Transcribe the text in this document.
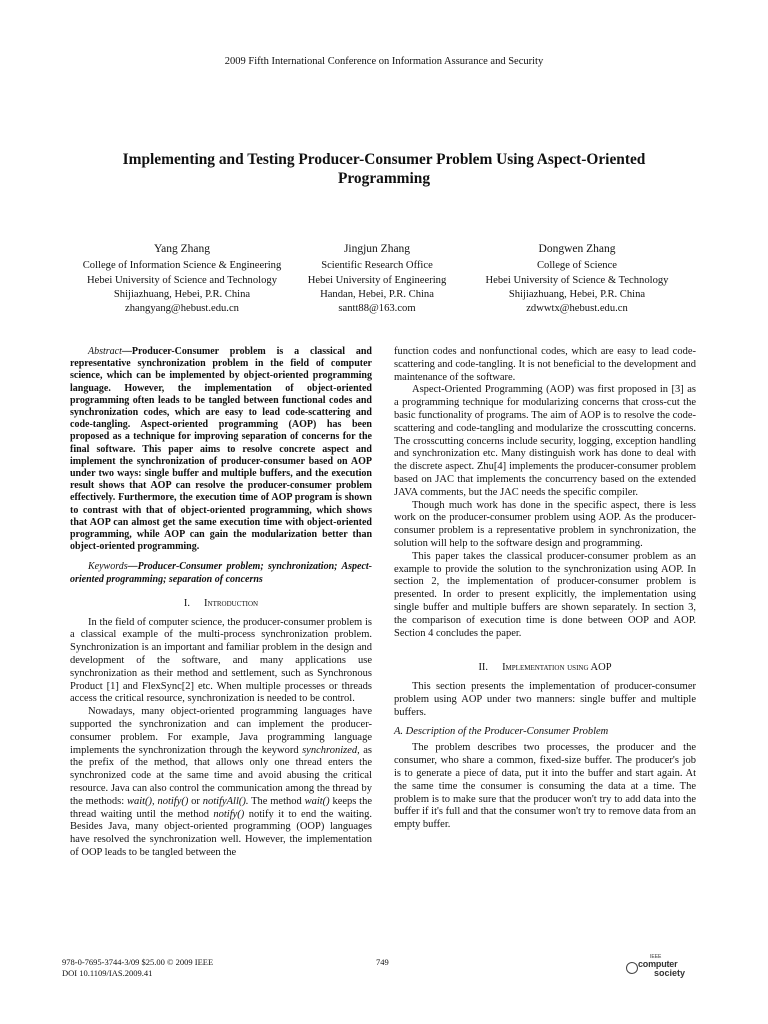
2009 Fifth International Conference on Information Assurance and Security
Implementing and Testing Producer-Consumer Problem Using Aspect-Oriented Programming
Yang Zhang
College of Information Science & Engineering
Hebei University of Science and Technology
Shijiazhuang, Hebei, P.R. China
zhangyang@hebust.edu.cn
Jingjun Zhang
Scientific Research Office
Hebei University of Engineering
Handan, Hebei, P.R. China
santt88@163.com
Dongwen Zhang
College of Science
Hebei University of Science & Technology
Shijiazhuang, Hebei, P.R. China
zdwwtx@hebust.edu.cn

Abstract—Producer-Consumer problem is a classical and representative synchronization problem in the field of computer science, which can be implemented by object-oriented programming language. However, the implementation of object-oriented programming often leads to be tangled between functional codes and synchronization codes, which are easy to lead code-scattering and code-tangling. Aspect-oriented programming (AOP) has been proposed as a technique for improving separation of concerns for the final software. This paper aims to resolve concrete aspect and implement the synchronization of producer-consumer based on AOP under two ways: single buffer and multiple buffers, and the execution result shows that AOP can resolve the producer-consumer problem effectively. Furthermore, the execution time of AOP program is shown to contrast with that of object-oriented programming, which shows that AOP can almost get the same execution time with object-oriented programming, while AOP can gain the modularization better than object-oriented programming.

Keywords—Producer-Consumer problem; synchronization; Aspect-oriented programming; separation of concerns

I. Introduction

In the field of computer science, the producer-consumer problem is a classical example of the multi-process synchronization problem. Synchronization is an important and familiar problem in the design and development of the software, and many applications use synchronization as their method and settlement, such as Synchronous Product [1] and FlexSync[2] etc. When multiple processes or threads access the critical resource, synchronization is needed to be control.

Nowadays, many object-oriented programming languages have supported the synchronization and can implement the producer-consumer problem. For example, Java programming language implements the synchronization through the keyword synchronized, as the prefix of the method, that allows only one thread enters the synchronized code at the same time and avoid abusing the critical resource. Java can also control the communication among the thread by the methods: wait(), notify() or notifyAll(). The method wait() keeps the thread waiting until the method notify() notify it to end the waiting. Besides Java, many object-oriented programming (OOP) languages have resolved the synchronization well. However, the implementation of OOP leads to be tangled between the

function codes and nonfunctional codes, which are easy to lead code-scattering and code-tangling. It is not beneficial to the development and maintenance of the software.

Aspect-Oriented Programming (AOP) was first proposed in [3] as a programming technique for modularizing concerns that cross-cut the basic functionality of programs. The aim of AOP is to resolve the code-scattering and code-tangling and modularize the crosscutting concerns. The crosscutting concerns include security, logging, exception handling and synchronization etc. Many distinguish work has done to deal with the discrete aspect. Zhu[4] implements the producer-consumer problem based on JAC that implements the concurrency based on the extended JAVA comments, but the JAC needs the specific compiler.

Though much work has done in the specific aspect, there is less work on the producer-consumer problem using AOP. As the producer-consumer problem is a representative problem in synchronization, the solution will help to the software design and programming.

This paper takes the classical producer-consumer problem as an example to provide the solution to the synchronization using AOP. In section 2, the implementation of producer-consumer problem is presented. In order to present explicitly, the implementation using single buffer and multiple buffers are shown separately. In section 3, the comparison of execution time is done between OOP and AOP. Section 4 concludes the paper.

II. Implementation using AOP

This section presents the implementation of producer-consumer problem using AOP under two manners: single buffer and multiple buffers.

A. Description of the Producer-Consumer Problem

The problem describes two processes, the producer and the consumer, who share a common, fixed-size buffer. The producer's job is to generate a piece of data, put it into the buffer and start again. At the same time the consumer is consuming the data at a time. The problem is to make sure that the producer won't try to add data into the buffer if it's full and that the consumer won't try to remove data from an empty buffer.

978-0-7695-3744-3/09 $25.00 © 2009 IEEE
DOI 10.1109/IAS.2009.41
749	IEEE
computer
society
